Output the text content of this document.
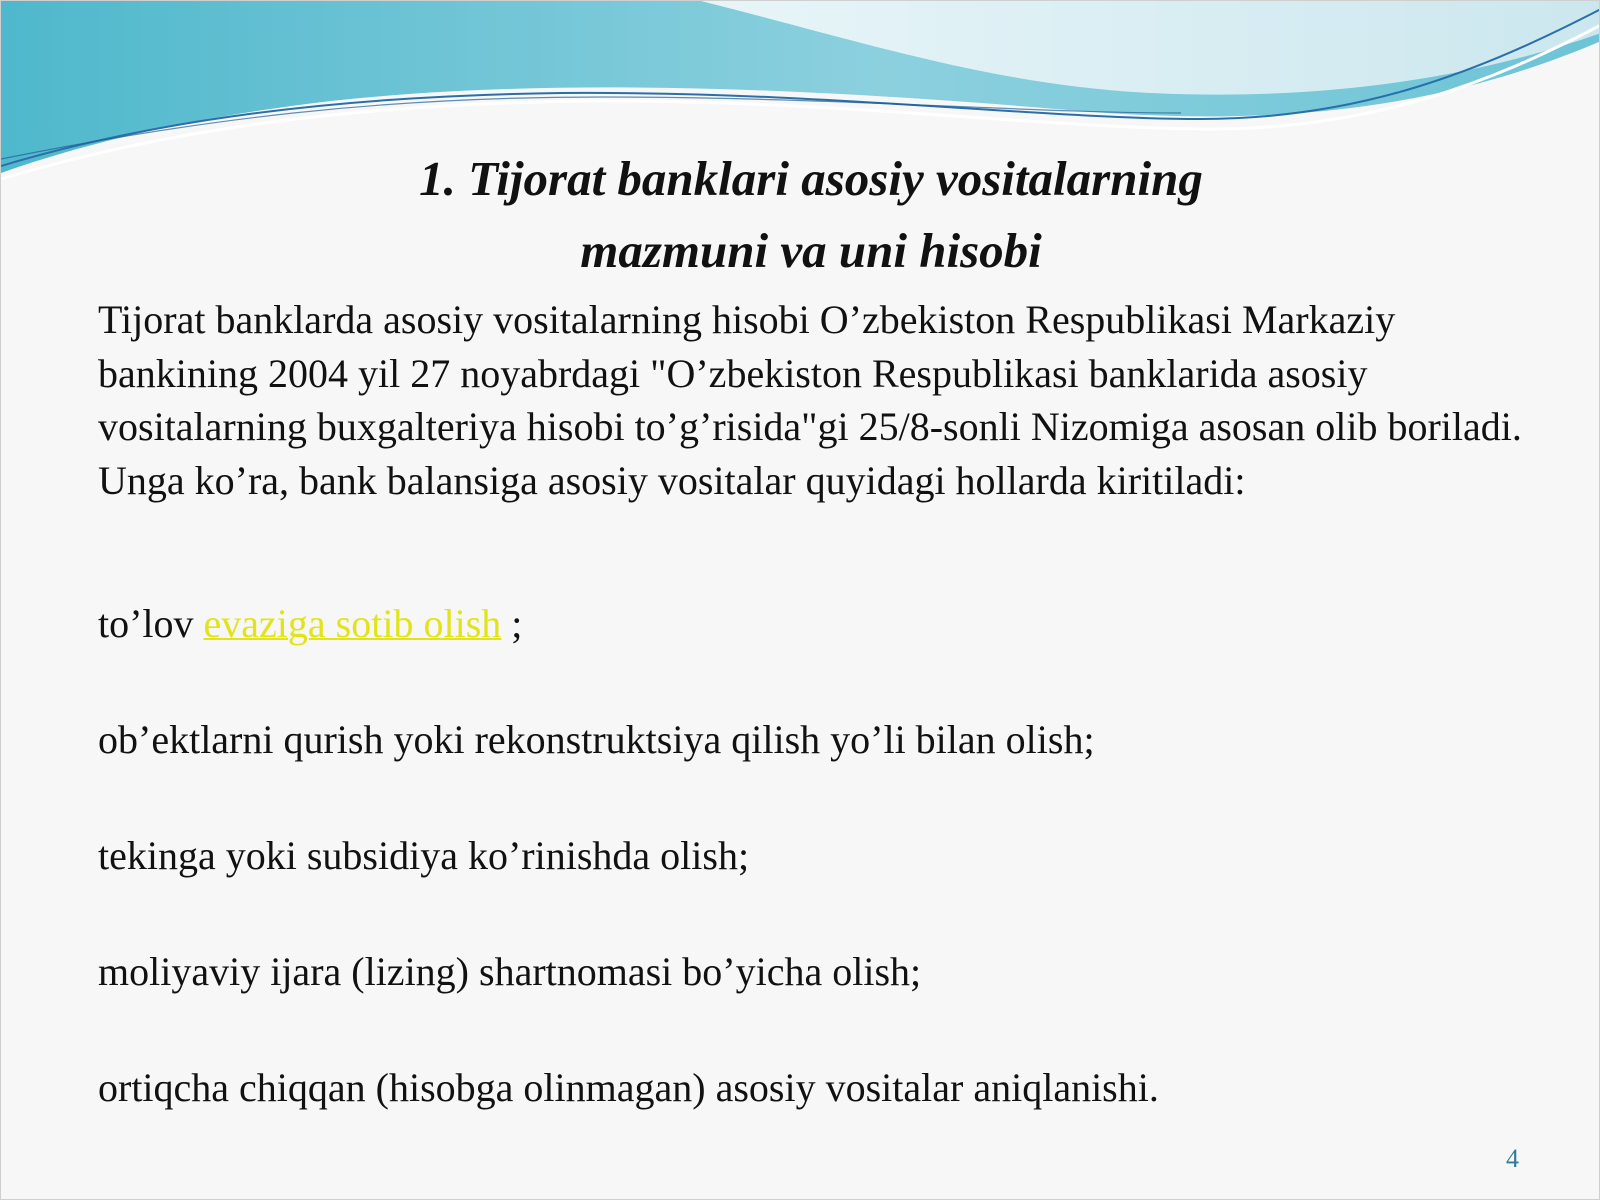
1. Tijorat banklari asosiy vositalarning
mazmuni va uni hisobi

Tijorat banklarda asosiy vositalarning hisobi O’zbekiston Respublikasi Markaziy bankining 2004 yil 27 noyabrdagi "O’zbekiston Respublikasi banklarida asosiy vositalarning buxgalteriya hisobi to’g’risida"gi 25/8-sonli Nizomiga asosan olib boriladi. Unga ko’ra, bank balansiga asosiy vositalar quyidagi hollarda kiritiladi:

to’lov evaziga sotib olish ;
ob’ektlarni qurish yoki rekonstruktsiya qilish yo’li bilan olish;
tekinga yoki subsidiya ko’rinishda olish;
moliyaviy ijara (lizing) shartnomasi bo’yicha olish;
ortiqcha chiqqan (hisobga olinmagan) asosiy vositalar aniqlanishi.
4
